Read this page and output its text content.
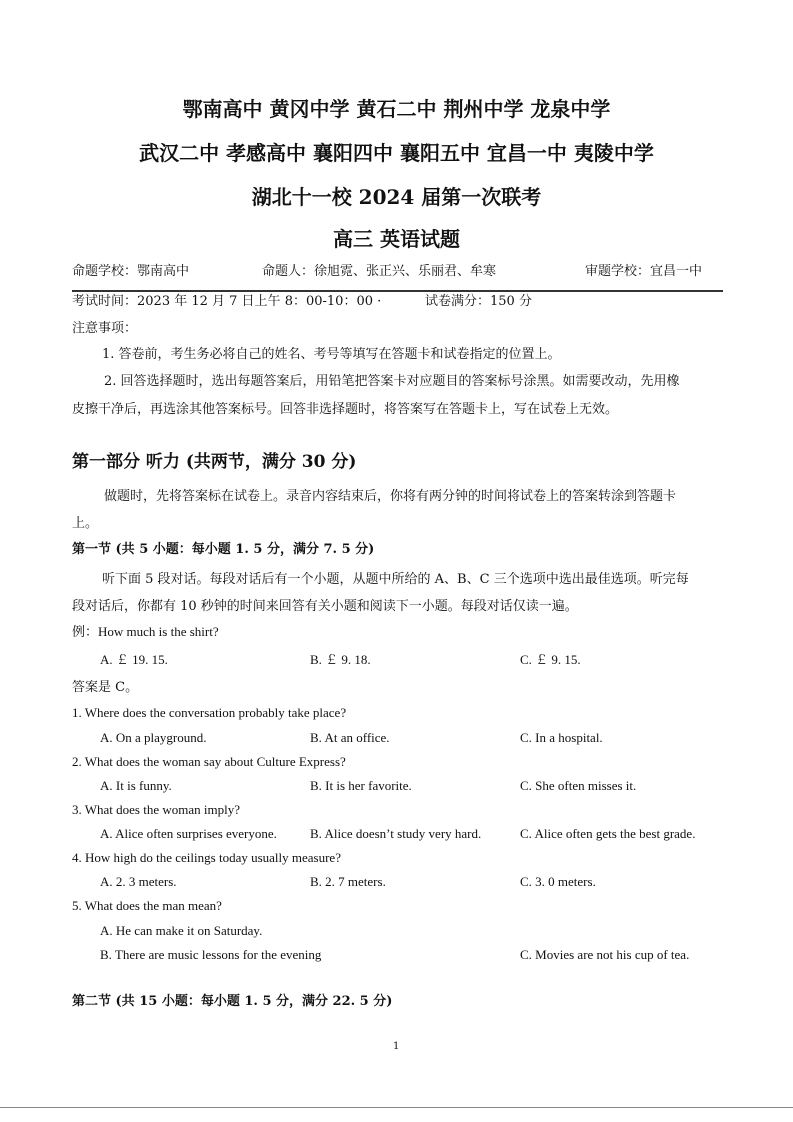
鄂南高中 黄冈中学 黄石二中 荆州中学 龙泉中学
武汉二中 孝感高中 襄阳四中 襄阳五中 宜昌一中 夷陵中学
湖北十一校 2024 届第一次联考
高三 英语试题
命题学校：鄂南高中	命题人：徐旭霓、张正兴、乐丽君、牟寒	审题学校：宜昌一中
考试时间：2023 年 12 月 7 日上午 8：00-10：00 ·	试卷满分：150 分
注意事项：
1. 答卷前，考生务必将自己的姓名、考号等填写在答题卡和试卷指定的位置上。
2. 回答选择题时，选出每题答案后，用铅笔把答案卡对应题目的答案标号涂黑。如需要改动，先用橡
皮擦干净后，再选涂其他答案标号。回答非选择题时，将答案写在答题卡上，写在试卷上无效。
第一部分 听力 (共两节，满分 30 分)
做题时，先将答案标在试卷上。录音内容结束后，你将有两分钟的时间将试卷上的答案转涂到答题卡
上。
第一节 (共 5 小题：每小题 1. 5 分，满分 7. 5 分)
听下面 5 段对话。每段对话后有一个小题，从题中所给的 A、B、C 三个选项中选出最佳选项。听完每
段对话后，你都有 10 秒钟的时间来回答有关小题和阅读下一小题。每段对话仅读一遍。
例：How much is the shirt?
A. ￡ 19. 15.	B. ￡ 9. 18.	C. ￡ 9. 15.
答案是 C。
1. Where does the conversation probably take place?
A. On a playground.	B. At an office.	C. In a hospital.
2. What does the woman say about Culture Express?
A. It is funny.	B. It is her favorite.	C. She often misses it.
3. What does the woman imply?
A. Alice often surprises everyone.	B. Alice doesn’t study very hard.	C. Alice often gets the best grade.
4. How high do the ceilings today usually measure?
A. 2. 3 meters.	B. 2. 7 meters.	C. 3. 0 meters.
5. What does the man mean?
A. He can make it on Saturday.
B. There are music lessons for the evening	C. Movies are not his cup of tea.
第二节 (共 15 小题：每小题 1. 5 分，满分 22. 5 分)
1
